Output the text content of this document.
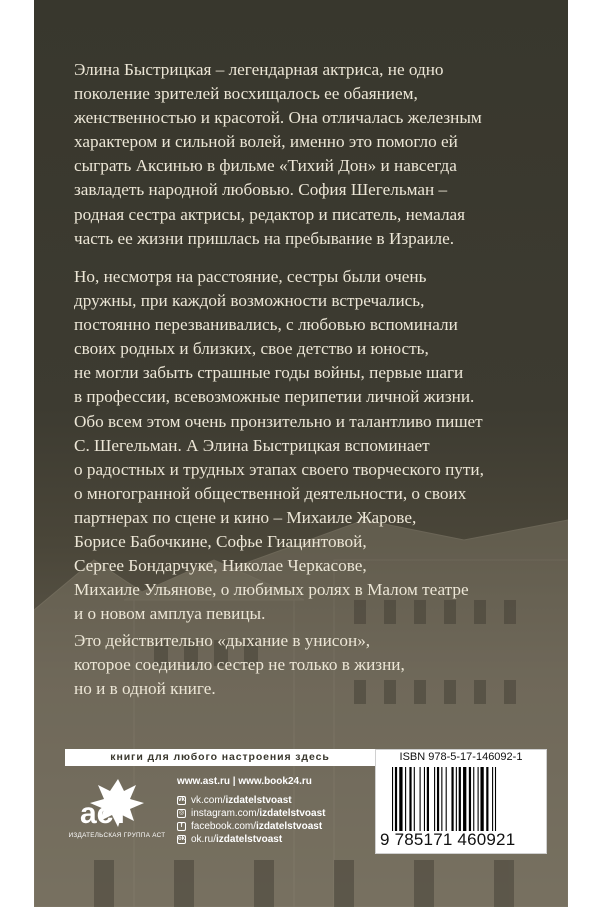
Элина Быстрицкая – легендарная актриса, не одно
поколение зрителей восхищалось ее обаянием,
женственностью и красотой. Она отличалась железным
характером и сильной волей, именно это помогло ей
сыграть Аксинью в фильме «Тихий Дон» и навсегда
завладеть народной любовью. София Шегельман –
родная сестра актрисы, редактор и писатель, немалая
часть ее жизни пришлась на пребывание в Израиле.

Но, несмотря на расстояние, сестры были очень
дружны, при каждой возможности встречались,
постоянно перезванивались, с любовью вспоминали
своих родных и близких, свое детство и юность,
не могли забыть страшные годы войны, первые шаги
в профессии, всевозможные перипетии личной жизни.
Обо всем этом очень пронзительно и талантливо пишет
С. Шегельман. А Элина Быстрицкая вспоминает
о радостных и трудных этапах своего творческого пути,
о многогранной общественной деятельности, о своих
партнерах по сцене и кино – Михаиле Жарове,
Борисе Бабочкине, Софье Гиацинтовой,
Сергее Бондарчуке, Николае Черкасове,
Михаиле Ульянове, о любимых ролях в Малом театре
и о новом амплуа певицы.

Это действительно «дыхание в унисон»,
которое соединило сестер не только в жизни,
но и в одной книге.

книги для любого настроения здесь
аст
ИЗДАТЕЛЬСКАЯ ГРУППА АСТ
www.ast.ru | www.book24.ru
vk vk.com/ izdatelstvoast
◎ instagram.com/ izdatelstvoast
f facebook.com/ izdatelstvoast
ok ok.ru/ izdatelstvoast
ISBN 978-5-17-146092-1
9 785171 460921
